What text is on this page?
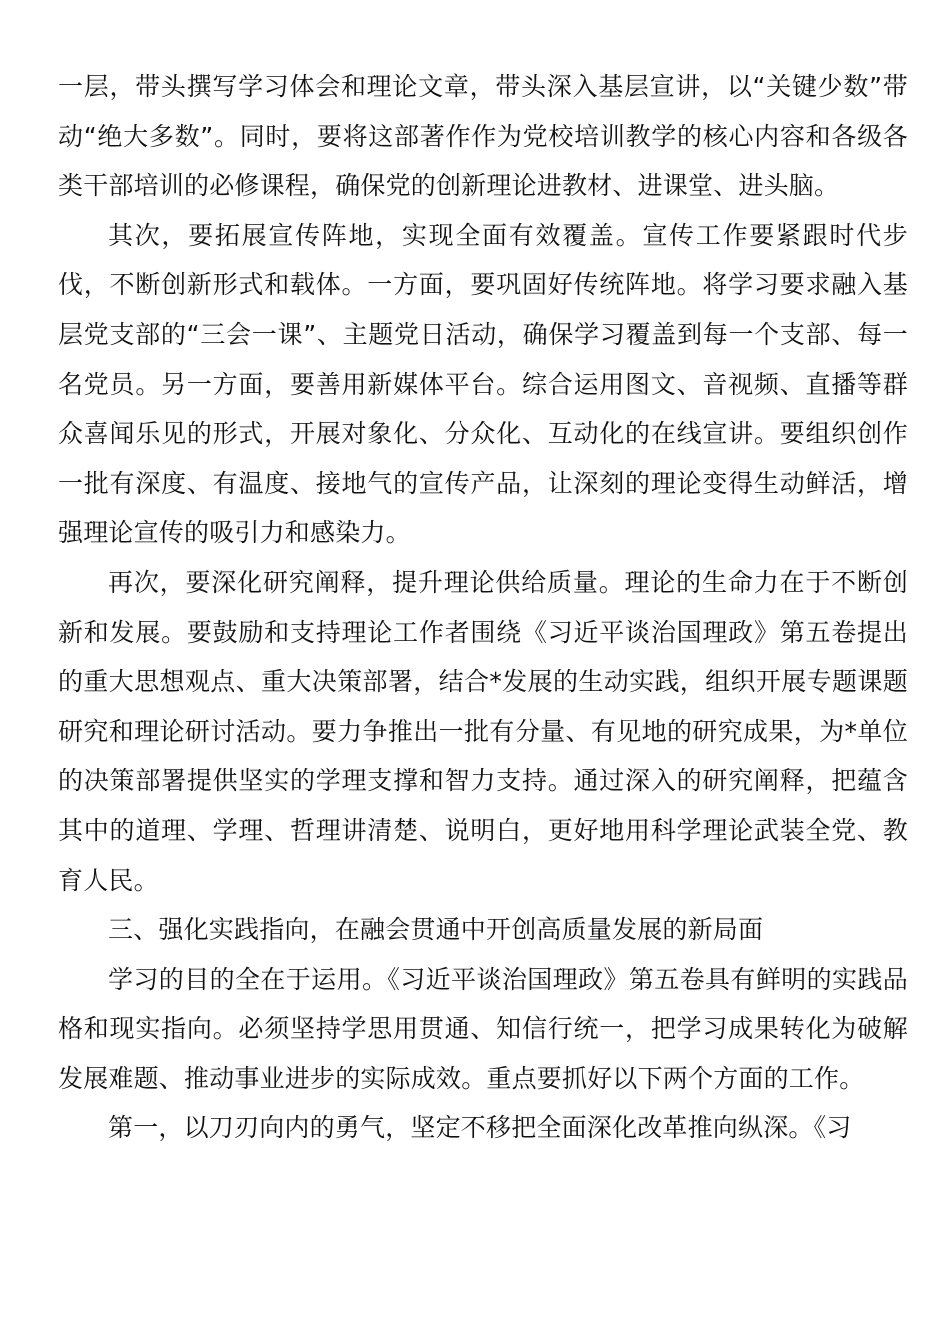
一层，带头撰写学习体会和理论文章，带头深入基层宣讲，以“关键少数”带动“绝大多数”。同时，要将这部著作作为党校培训教学的核心内容和各级各类干部培训的必修课程，确保党的创新理论进教材、进课堂、进头脑。

其次，要拓展宣传阵地，实现全面有效覆盖。宣传工作要紧跟时代步伐，不断创新形式和载体。一方面，要巩固好传统阵地。将学习要求融入基层党支部的“三会一课”、主题党日活动，确保学习覆盖到每一个支部、每一名党员。另一方面，要善用新媒体平台。综合运用图文、音视频、直播等群众喜闻乐见的形式，开展对象化、分众化、互动化的在线宣讲。要组织创作一批有深度、有温度、接地气的宣传产品，让深刻的理论变得生动鲜活，增强理论宣传的吸引力和感染力。

再次，要深化研究阐释，提升理论供给质量。理论的生命力在于不断创新和发展。要鼓励和支持理论工作者围绕《习近平谈治国理政》第五卷提出的重大思想观点、重大决策部署，结合*发展的生动实践，组织开展专题课题研究和理论研讨活动。要力争推出一批有分量、有见地的研究成果，为*单位的决策部署提供坚实的学理支撑和智力支持。通过深入的研究阐释，把蕴含其中的道理、学理、哲理讲清楚、说明白，更好地用科学理论武装全党、教育人民。

三、强化实践指向，在融会贯通中开创高质量发展的新局面

学习的目的全在于运用。《习近平谈治国理政》第五卷具有鲜明的实践品格和现实指向。必须坚持学思用贯通、知信行统一，把学习成果转化为破解发展难题、推动事业进步的实际成效。重点要抓好以下两个方面的工作。

第一，以刀刃向内的勇气，坚定不移把全面深化改革推向纵深。《习
